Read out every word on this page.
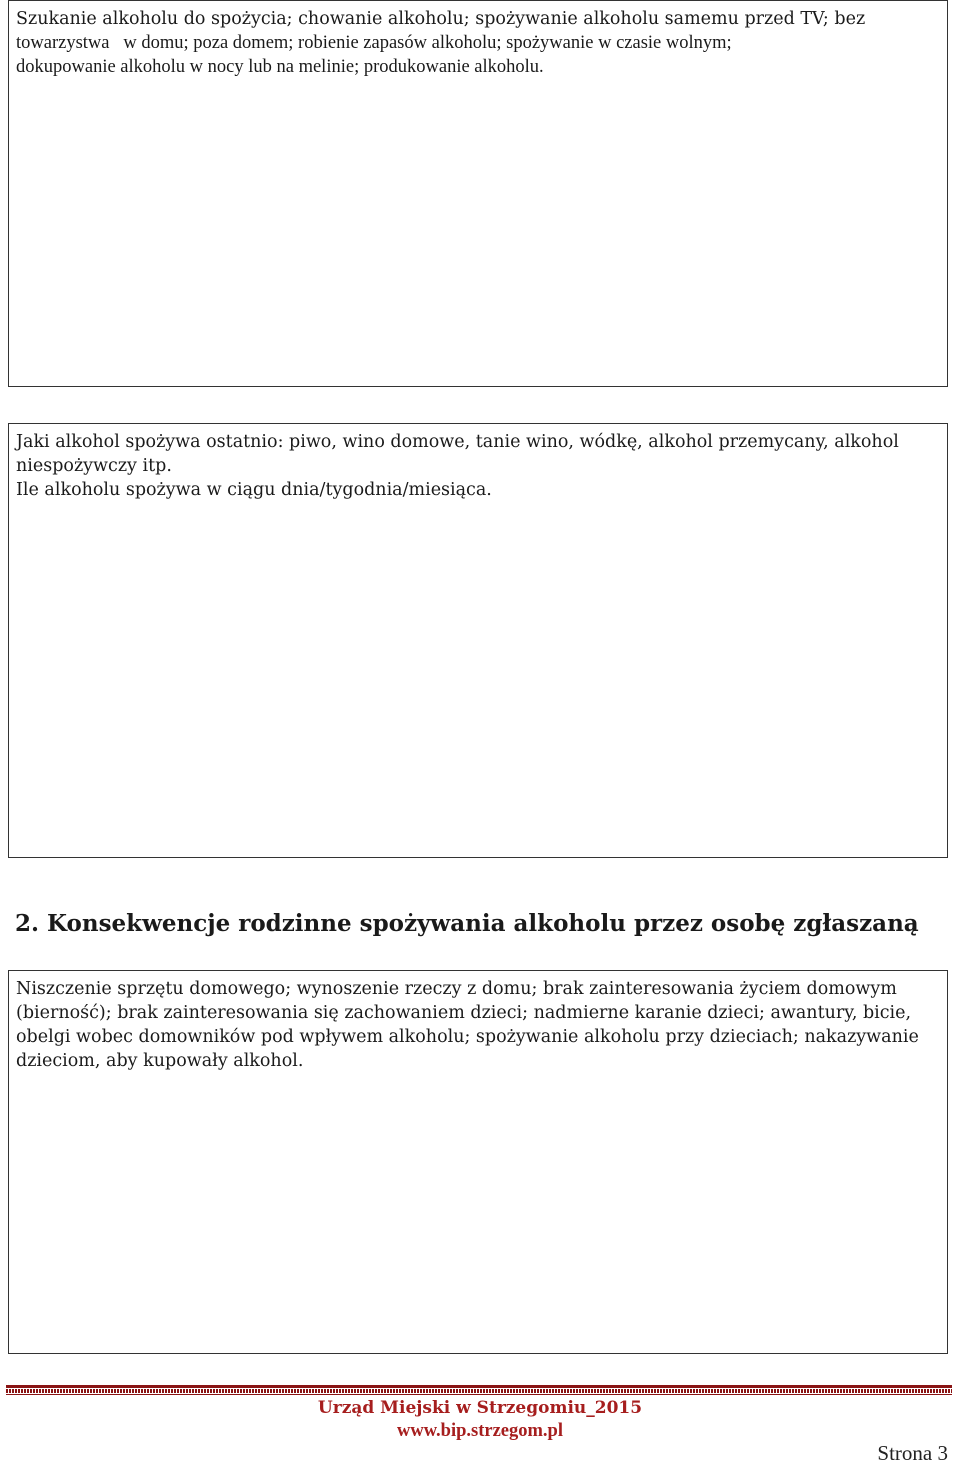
Szukanie alkoholu do spożycia; chowanie alkoholu; spożywanie alkoholu samemu przed TV; bez
towarzystwa   w domu; poza domem; robienie zapasów alkoholu; spożywanie w czasie wolnym;
dokupowanie alkoholu w nocy lub na melinie; produkowanie alkoholu.

Jaki alkohol spożywa ostatnio: piwo, wino domowe, tanie wino, wódkę, alkohol przemycany, alkohol
niespożywczy itp.
Ile alkoholu spożywa w ciągu dnia/tygodnia/miesiąca.

2. Konsekwencje rodzinne spożywania alkoholu przez osobę zgłaszaną

Niszczenie sprzętu domowego; wynoszenie rzeczy z domu; brak zainteresowania życiem domowym
(bierność); brak zainteresowania się zachowaniem dzieci; nadmierne karanie dzieci; awantury, bicie,
obelgi wobec domowników pod wpływem alkoholu; spożywanie alkoholu przy dzieciach; nakazywanie
dzieciom, aby kupowały alkohol.

Urząd Miejski w Strzegomiu_2015

www.bip.strzegom.pl

Strona 3
